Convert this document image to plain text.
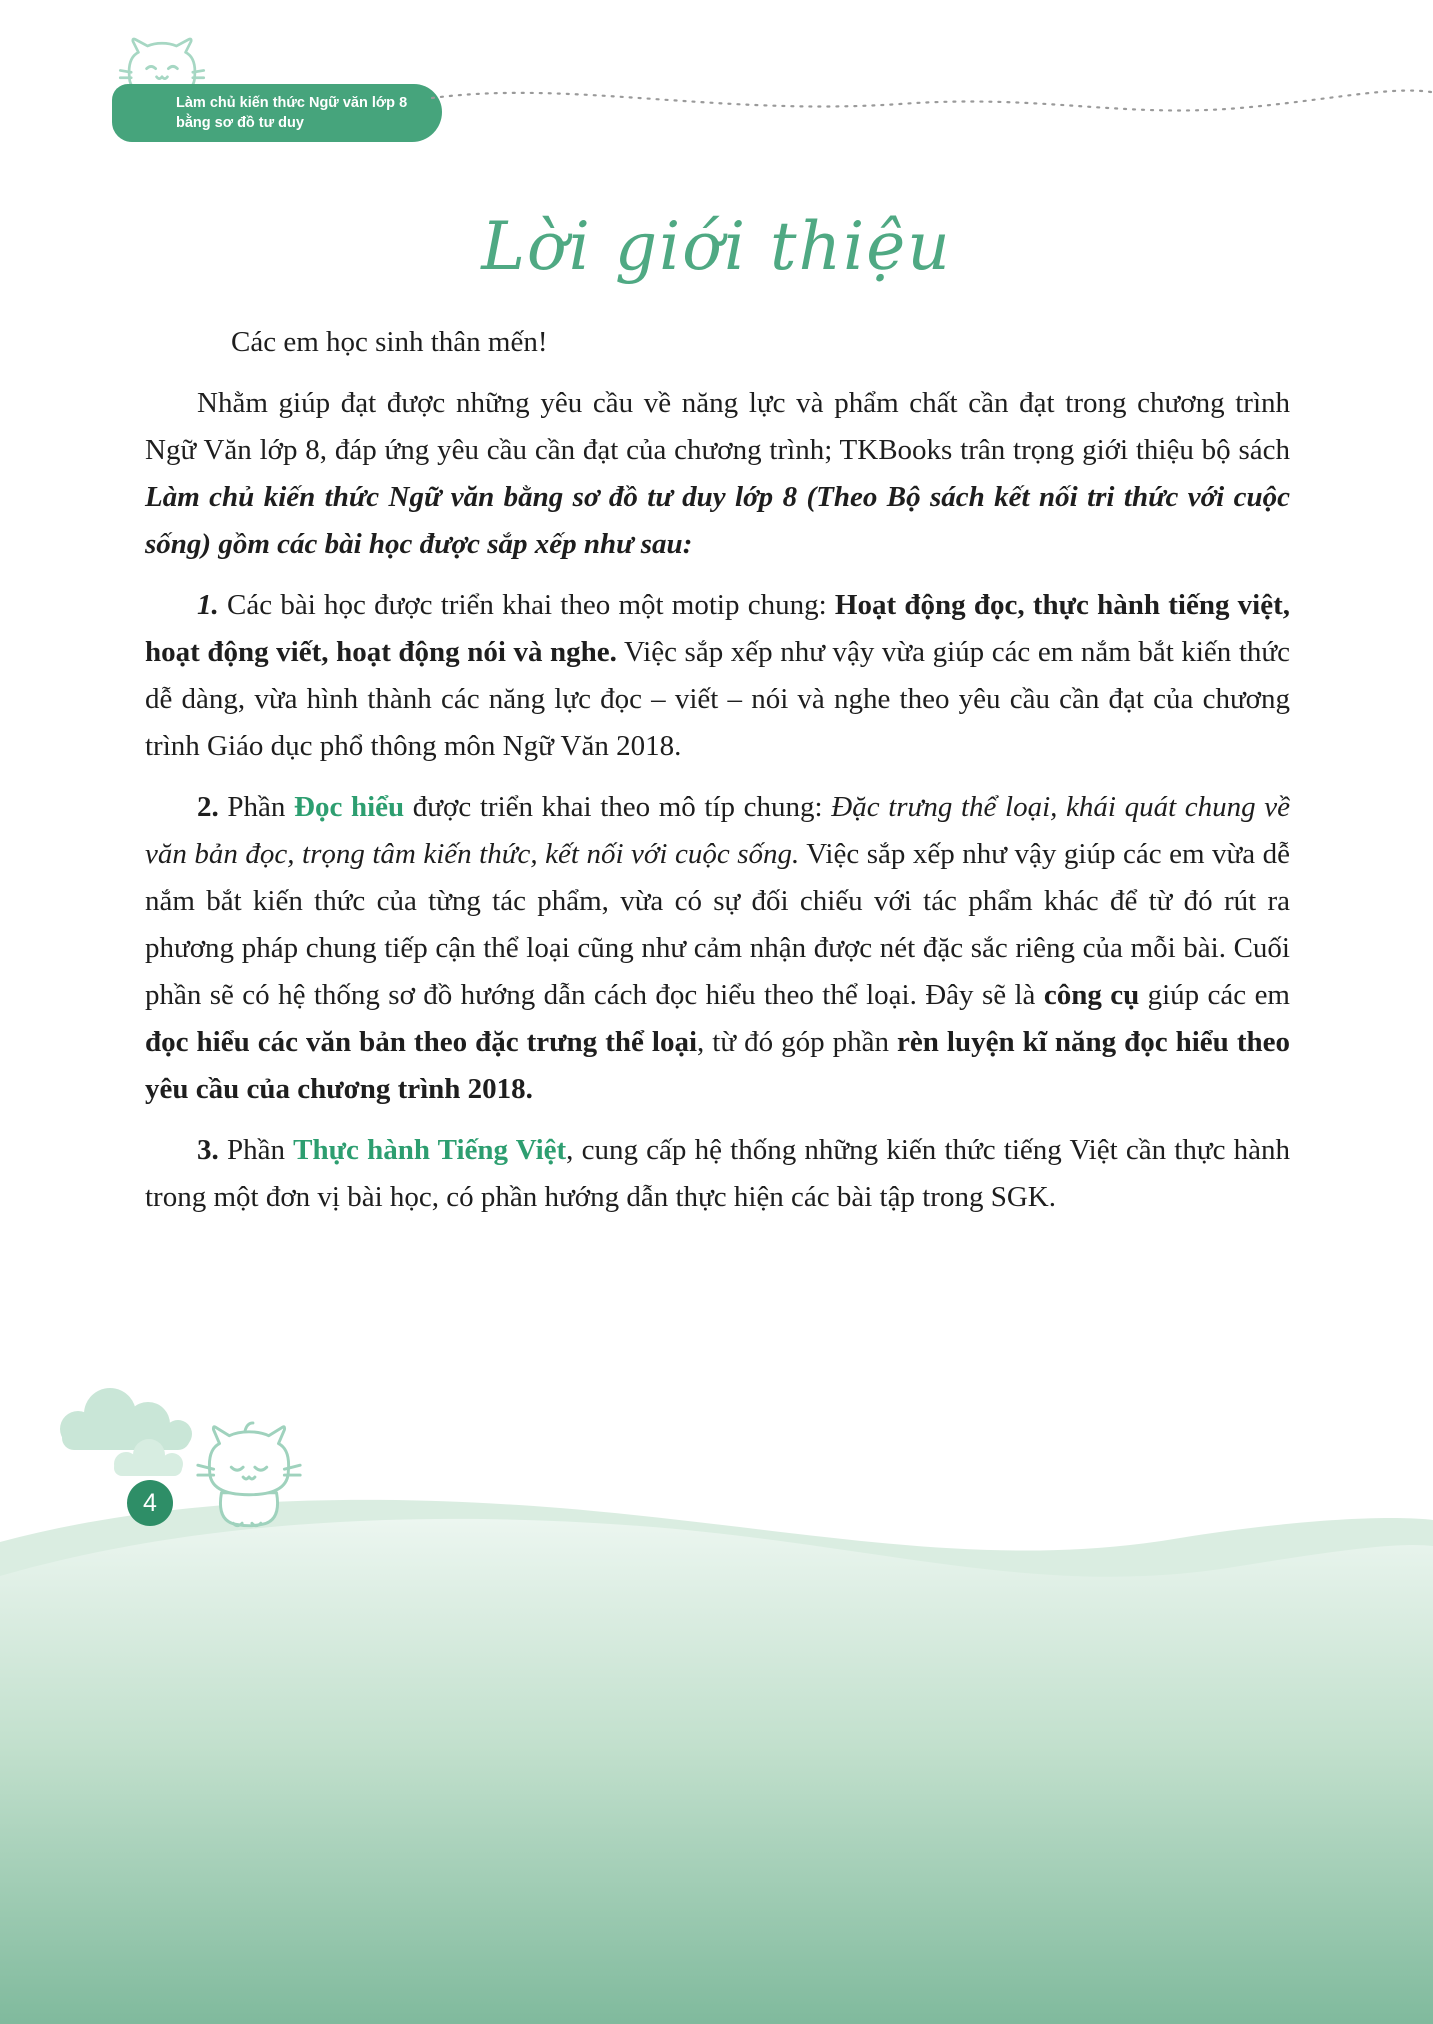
Làm chủ kiến thức Ngữ văn lớp 8
bằng sơ đồ tư duy
Lời giới thiệu

Các em học sinh thân mến!

Nhằm giúp đạt được những yêu cầu về năng lực và phẩm chất cần đạt trong chương trình Ngữ Văn lớp 8, đáp ứng yêu cầu cần đạt của chương trình; TKBooks trân trọng giới thiệu bộ sách Làm chủ kiến thức Ngữ văn bằng sơ đồ tư duy lớp 8 (Theo Bộ sách kết nối tri thức với cuộc sống) gồm các bài học được sắp xếp như sau:

1. Các bài học được triển khai theo một motip chung: Hoạt động đọc, thực hành tiếng việt, hoạt động viết, hoạt động nói và nghe. Việc sắp xếp như vậy vừa giúp các em nắm bắt kiến thức dễ dàng, vừa hình thành các năng lực đọc – viết – nói và nghe theo yêu cầu cần đạt của chương trình Giáo dục phổ thông môn Ngữ Văn 2018.

2. Phần Đọc hiểu được triển khai theo mô típ chung: Đặc trưng thể loại, khái quát chung về văn bản đọc, trọng tâm kiến thức, kết nối với cuộc sống. Việc sắp xếp như vậy giúp các em vừa dễ nắm bắt kiến thức của từng tác phẩm, vừa có sự đối chiếu với tác phẩm khác để từ đó rút ra phương pháp chung tiếp cận thể loại cũng như cảm nhận được nét đặc sắc riêng của mỗi bài. Cuối phần sẽ có hệ thống sơ đồ hướng dẫn cách đọc hiểu theo thể loại. Đây sẽ là công cụ giúp các em đọc hiểu các văn bản theo đặc trưng thể loại, từ đó góp phần rèn luyện kĩ năng đọc hiểu theo yêu cầu của chương trình 2018.

3. Phần Thực hành Tiếng Việt, cung cấp hệ thống những kiến thức tiếng Việt cần thực hành trong một đơn vị bài học, có phần hướng dẫn thực hiện các bài tập trong SGK.

4
